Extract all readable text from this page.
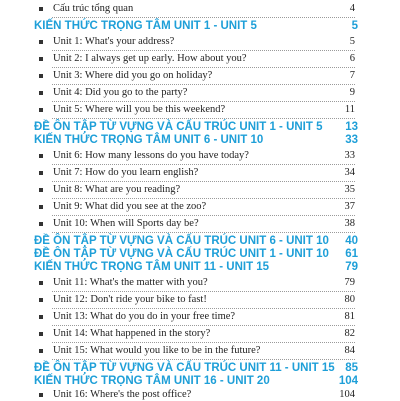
Cấu trúc tổng quan	4
KIẾN THỨC TRỌNG TÂM UNIT 1 - UNIT 5	5
Unit 1: What's your address?	5
Unit 2: I always get up early. How about you?	6
Unit 3: Where did you go on holiday?	7
Unit 4: Did you go to the party?	9
Unit 5: Where will you be this weekend?	11
ĐỀ ÔN TẬP TỪ VỰNG VÀ CẤU TRÚC UNIT 1 - UNIT 5 13
KIẾN THỨC TRỌNG TÂM UNIT 6 - UNIT 10	33
Unit 6: How many lessons do you have today?	33
Unit 7: How do you learn english?	34
Unit 8: What are you reading?	35
Unit 9: What did you see at the zoo?	37
Unit 10: When will Sports day be?	38
ĐỀ ÔN TẬP TỪ VỰNG VÀ CẤU TRÚC UNIT 6 - UNIT 10 40
ĐỀ ÔN TẬP TỪ VỰNG VÀ CẤU TRÚC UNIT 1 - UNIT 10 61
KIẾN THỨC TRỌNG TÂM UNIT 11 - UNIT 15	79
Unit 11: What's the matter with you?	79
Unit 12: Don't ride your bike to fast!	80
Unit 13: What do you do in your free time?	81
Unit 14: What happened in the story?	82
Unit 15: What would you like to be in the future?	84
ĐỀ ÔN TẬP TỪ VỰNG VÀ CẤU TRÚC UNIT 11 - UNIT 15 85
KIẾN THỨC TRỌNG TÂM UNIT 16 - UNIT 20	104
Unit 16: Where's the post office?	104
